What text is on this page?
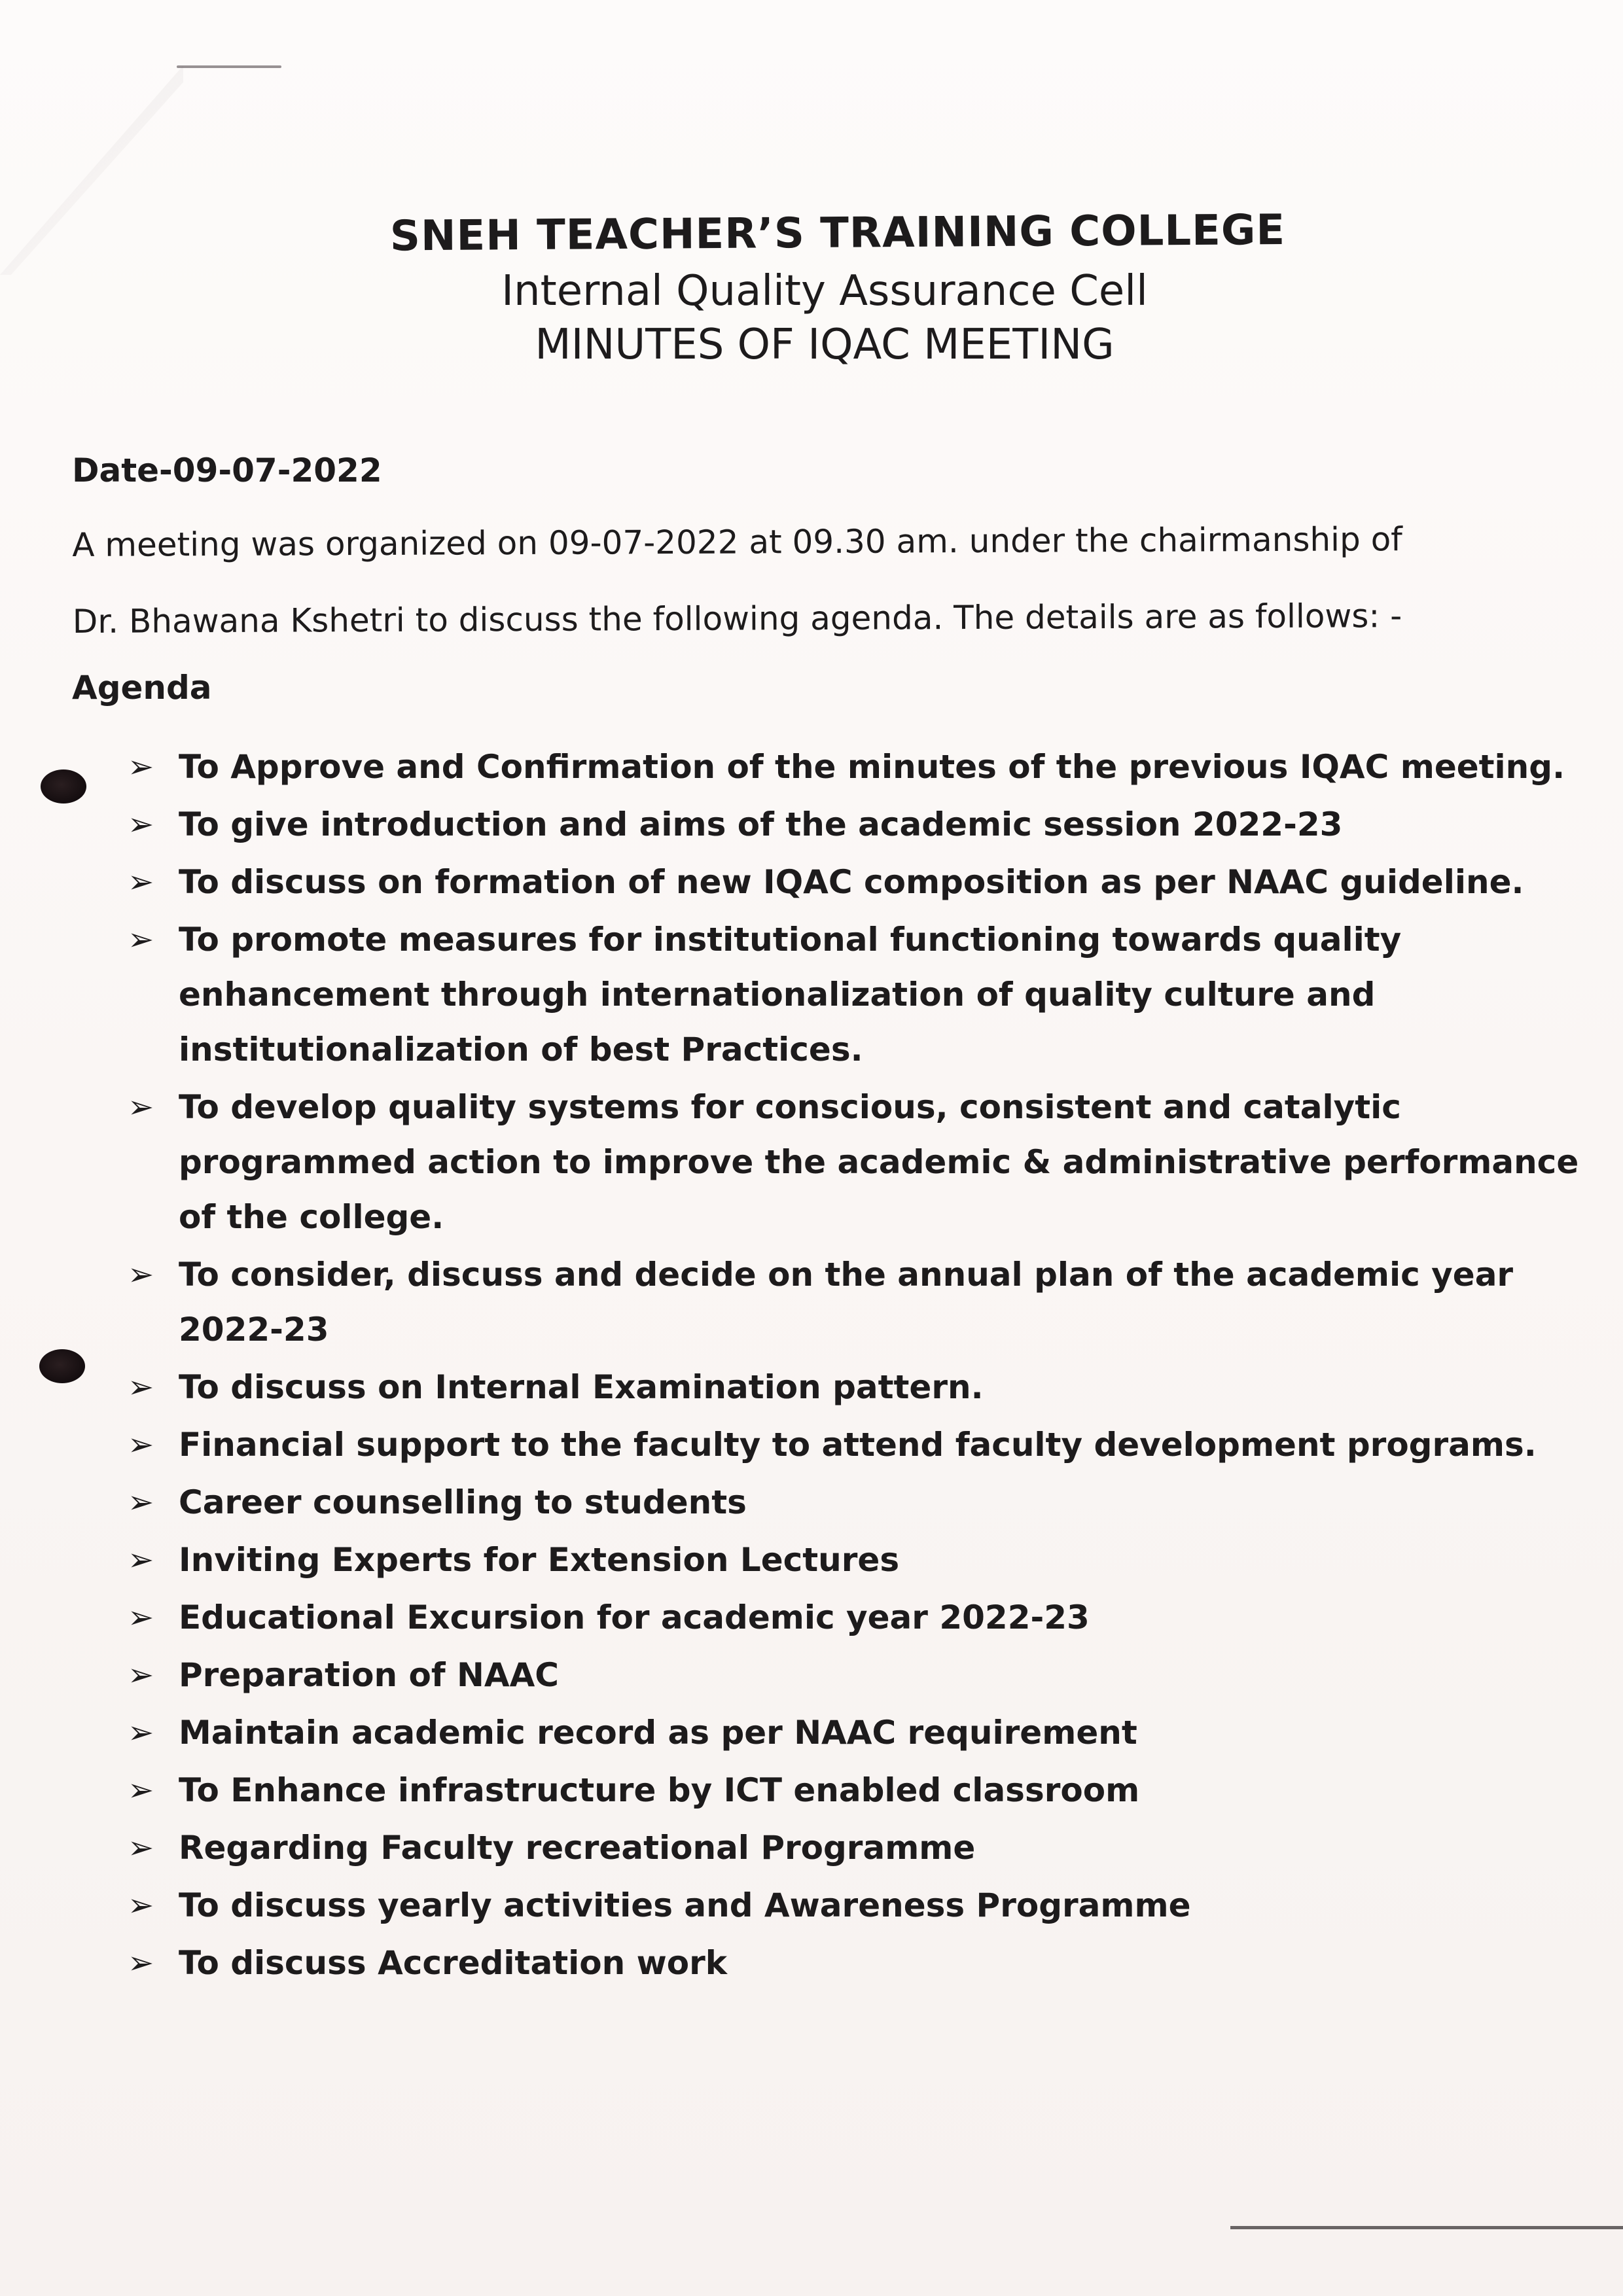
SNEH TEACHER’S TRAINING COLLEGE
Internal Quality Assurance Cell
MINUTES OF IQAC MEETING
Date-09-07-2022

A meeting was organized on 09-07-2022 at 09.30 am. under the chairmanship of

Dr. Bhawana Kshetri to discuss the following agenda. The details are as follows: -

Agenda
➢ To Approve and Confirmation of the minutes of the previous IQAC meeting.
➢ To give introduction and aims of the academic session 2022-23
➢ To discuss on formation of new IQAC composition as per NAAC guideline.
➢ To promote measures for institutional functioning towards quality enhancement through internationalization of quality culture and institutionalization of best Practices.
➢ To develop quality systems for conscious, consistent and catalytic programmed action to improve the academic & administrative performance of the college.
➢ To consider, discuss and decide on the annual plan of the academic year 2022-23
➢ To discuss on Internal Examination pattern.
➢ Financial support to the faculty to attend faculty development programs.
➢ Career counselling to students
➢ Inviting Experts for Extension Lectures
➢ Educational Excursion for academic year 2022-23
➢ Preparation of NAAC
➢ Maintain academic record as per NAAC requirement
➢ To Enhance infrastructure by ICT enabled classroom
➢ Regarding Faculty recreational Programme
➢ To discuss yearly activities and Awareness Programme
➢ To discuss Accreditation work
